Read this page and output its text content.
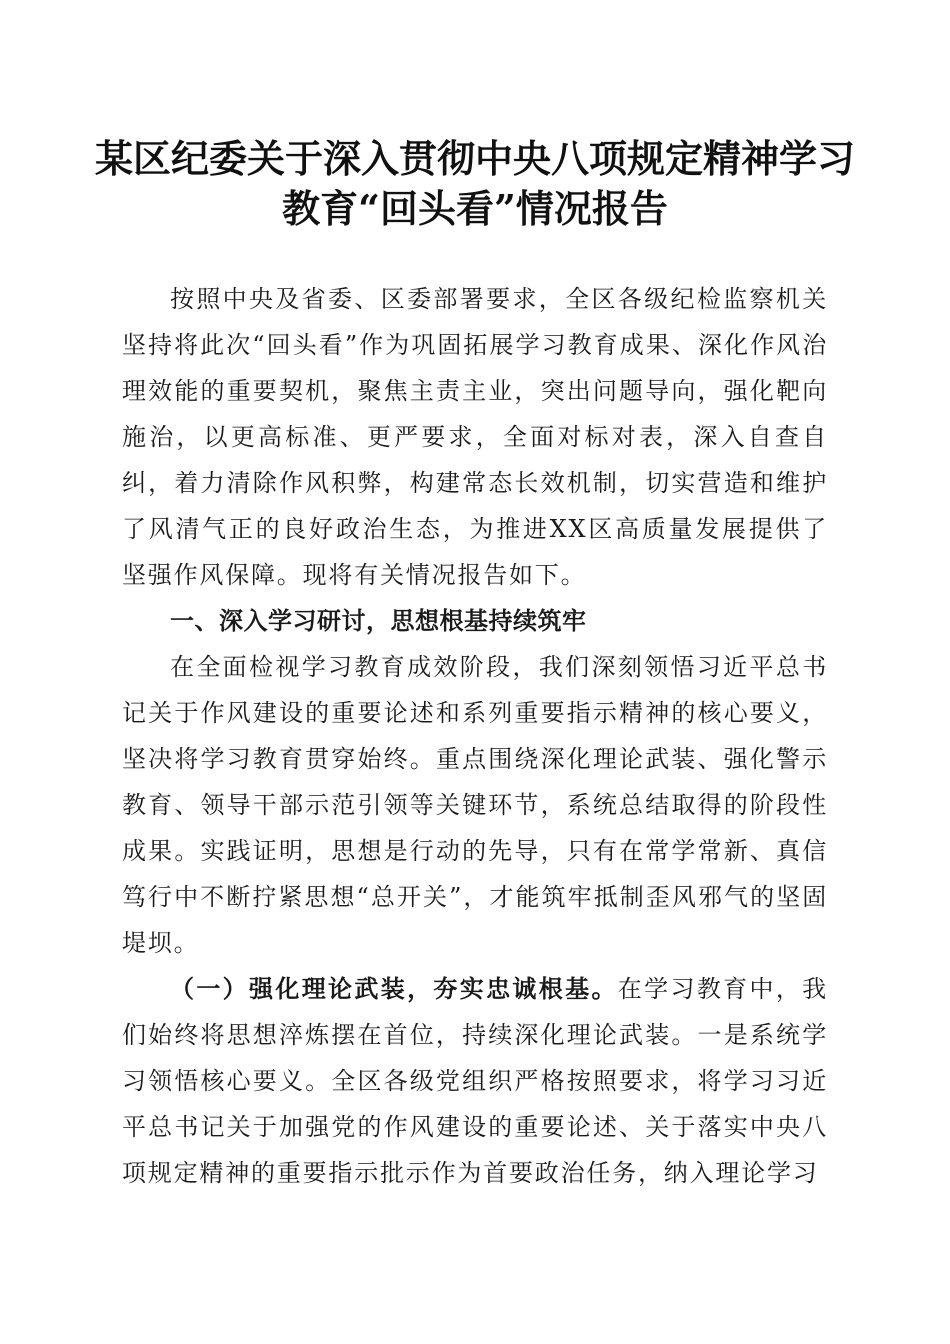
某区纪委关于深入贯彻中央八项规定精神学习
教育“回头看”情况报告

按照中央及省委、区委部署要求，全区各级纪检监察机关坚持将此次“回头看”作为巩固拓展学习教育成果、深化作风治理效能的重要契机，聚焦主责主业，突出问题导向，强化靶向施治，以更高标准、更严要求，全面对标对表，深入自查自纠，着力清除作风积弊，构建常态长效机制，切实营造和维护了风清气正的良好政治生态，为推进XX区高质量发展提供了坚强作风保障。现将有关情况报告如下。

一、深入学习研讨，思想根基持续筑牢

在全面检视学习教育成效阶段，我们深刻领悟习近平总书记关于作风建设的重要论述和系列重要指示精神的核心要义，坚决将学习教育贯穿始终。重点围绕深化理论武装、强化警示教育、领导干部示范引领等关键环节，系统总结取得的阶段性成果。实践证明，思想是行动的先导，只有在常学常新、真信笃行中不断拧紧思想“总开关”，才能筑牢抵制歪风邪气的坚固堤坝。

（一）强化理论武装，夯实忠诚根基。在学习教育中，我们始终将思想淬炼摆在首位，持续深化理论武装。一是系统学习领悟核心要义。全区各级党组织严格按照要求，将学习习近平总书记关于加强党的作风建设的重要论述、关于落实中央八项规定精神的重要指示批示作为首要政治任务，纳入理论学习
